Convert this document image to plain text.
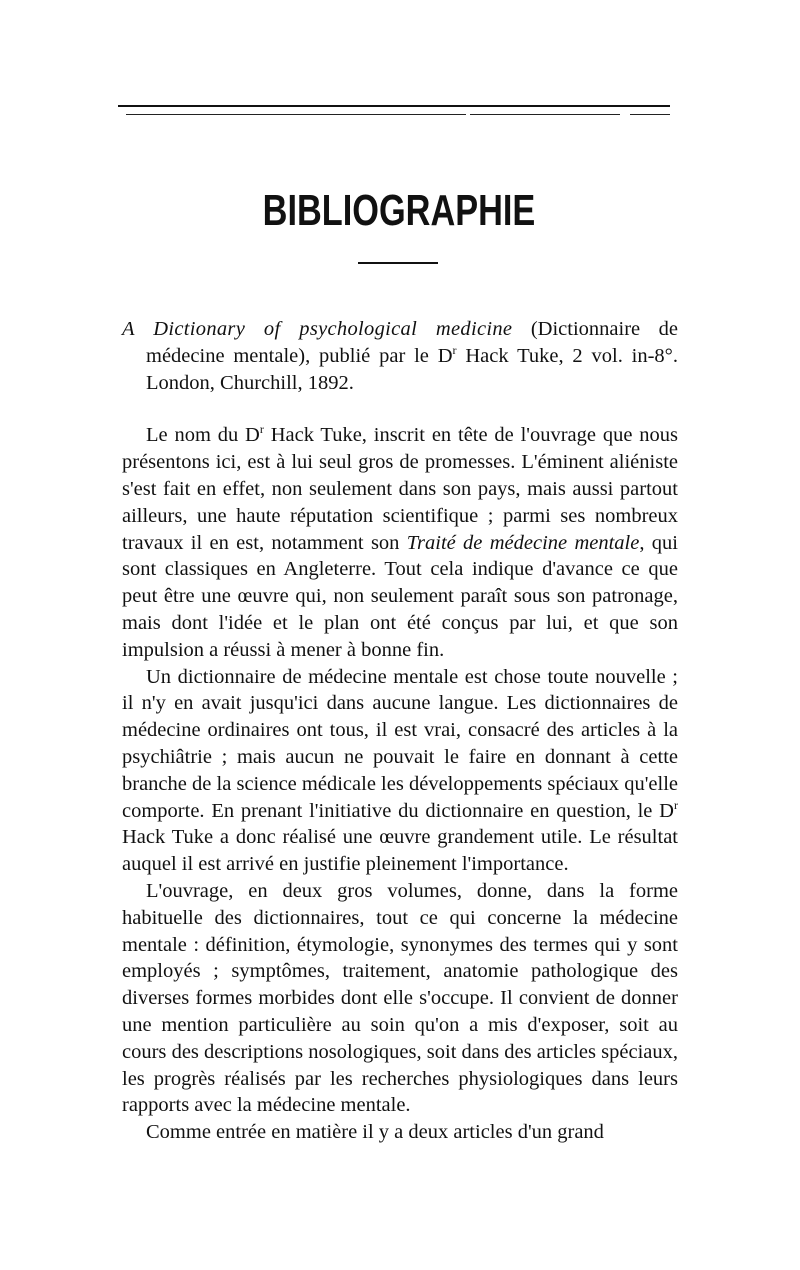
BIBLIOGRAPHIE

A Dictionary of psychological medicine (Dictionnaire de médecine mentale), publié par le $D^r$ Hack Tuke, 2 vol. in-8°. London, Churchill, 1892.

Le nom du $D^r$ Hack Tuke, inscrit en tête de l'ouvrage que nous présentons ici, est à lui seul gros de promesses. L'éminent aliéniste s'est fait en effet, non seulement dans son pays, mais aussi partout ailleurs, une haute réputation scientifique ; parmi ses nombreux travaux il en est, notamment son Traité de médecine mentale, qui sont classiques en Angleterre. Tout cela indique d'avance ce que peut être une œuvre qui, non seulement paraît sous son patronage, mais dont l'idée et le plan ont été conçus par lui, et que son impulsion a réussi à mener à bonne fin.

Un dictionnaire de médecine mentale est chose toute nouvelle ; il n'y en avait jusqu'ici dans aucune langue. Les dictionnaires de médecine ordinaires ont tous, il est vrai, consacré des articles à la psychiâtrie ; mais aucun ne pouvait le faire en donnant à cette branche de la science médicale les développements spéciaux qu'elle comporte. En prenant l'initiative du dictionnaire en question, le $D^r$ Hack Tuke a donc réalisé une œuvre grandement utile. Le résultat auquel il est arrivé en justifie pleinement l'importance.

L'ouvrage, en deux gros volumes, donne, dans la forme habituelle des dictionnaires, tout ce qui concerne la médecine mentale : définition, étymologie, synonymes des termes qui y sont employés ; symptômes, traitement, anatomie pathologique des diverses formes morbides dont elle s'occupe. Il convient de donner une mention particulière au soin qu'on a mis d'exposer, soit au cours des descriptions nosologiques, soit dans des articles spéciaux, les progrès réalisés par les recherches physiologiques dans leurs rapports avec la médecine mentale.

Comme entrée en matière il y a deux articles d'un grand
